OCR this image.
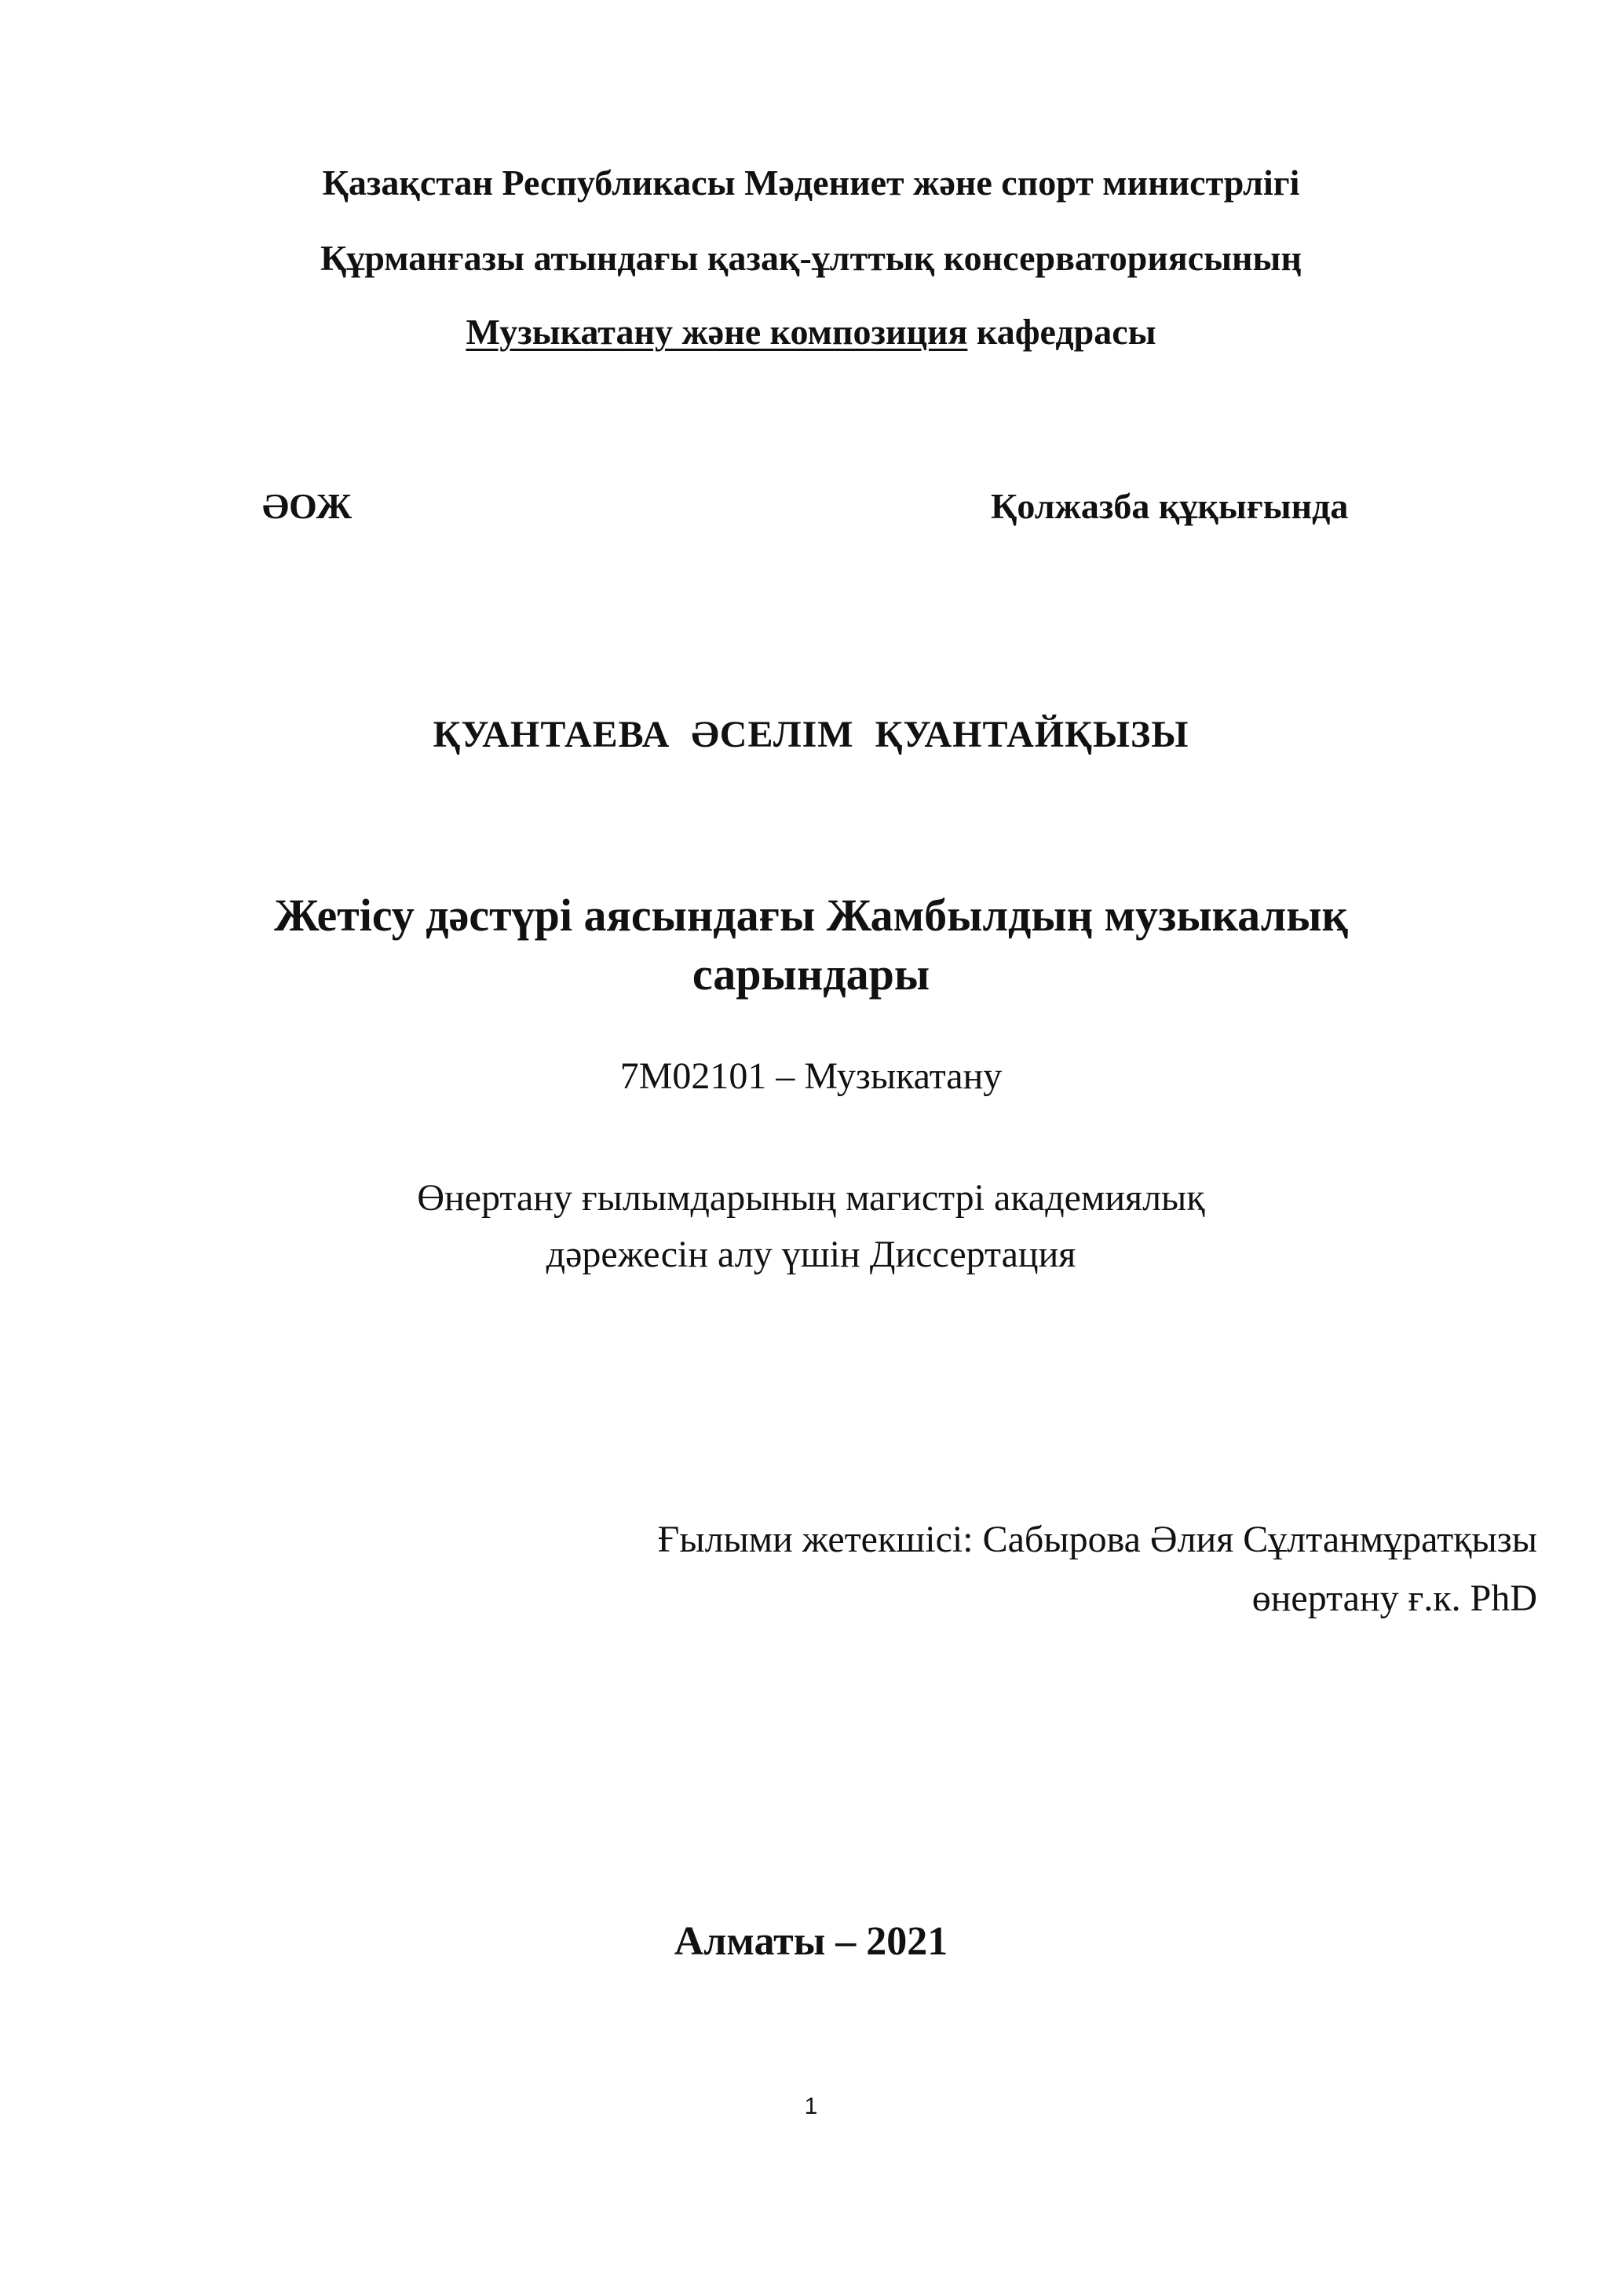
Қазақстан Республикасы Мәдениет және спорт министрлігі
Құрманғазы атындағы қазақ-ұлттық консерваториясының
Музыкатану және композиция кафедрасы
ӘОЖ	Қолжазба құқығында
ҚУАНТАЕВА ӘСЕЛІМ ҚУАНТАЙҚЫЗЫ
Жетісу дәстүрі аясындағы Жамбылдың музыкалық
сарындары
7М02101 – Музыкатану
Өнертану ғылымдарының магистрі академиялық
дәрежесін алу үшін Диссертация
Ғылыми жетекшісі: Сабырова Әлия Сұлтанмұратқызы
өнертану ғ.к. PhD
Алматы – 2021
1
